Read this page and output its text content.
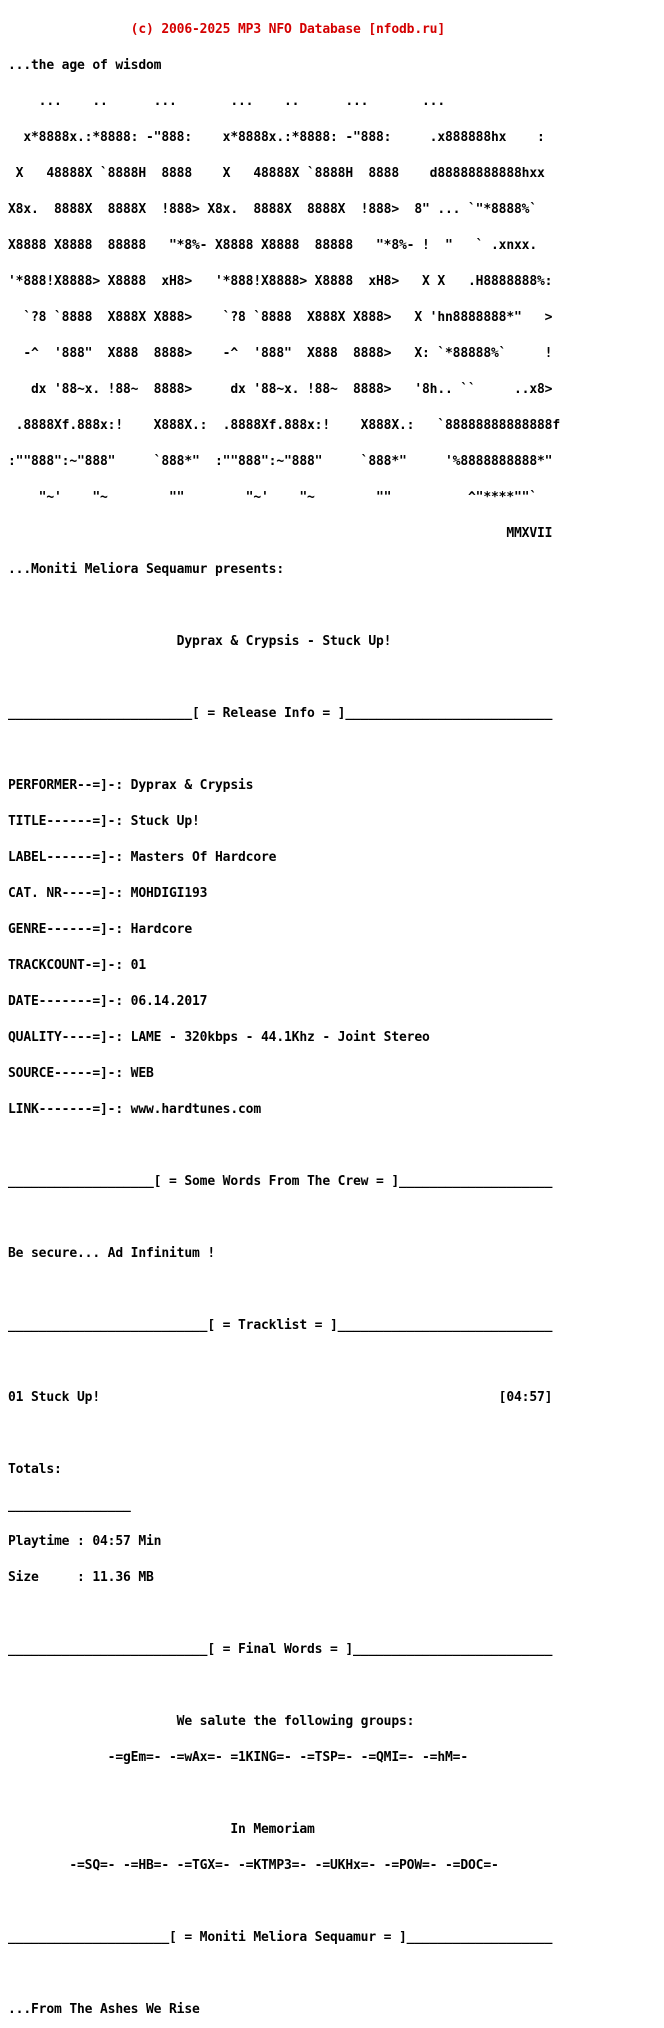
(c) 2006-2025 MP3 NFO Database [nfodb.ru]

...the age of wisdom

...    ..      ...       ...    ..      ...       ...

x*8888x.:*8888: -"888:    x*8888x.:*8888: -"888:     .x888888hx    :

X   48888X `8888H  8888    X   48888X `8888H  8888    d88888888888hxx

X8x.  8888X  8888X  !888> X8x.  8888X  8888X  !888>  8" ... `"*8888%`

X8888 X8888  88888   "*8%- X8888 X8888  88888   "*8%- !  "   ` .xnxx.

'*888!X8888> X8888  xH8>   '*888!X8888> X8888  xH8>   X X   .H8888888%:

`?8 `8888  X888X X888>    `?8 `8888  X888X X888>   X 'hn8888888*"   >

-^  '888"  X888  8888>    -^  '888"  X888  8888>   X: `*88888%`     !

dx '88~x. !88~  8888>     dx '88~x. !88~  8888>   '8h.. ``     ..x8>

.8888Xf.888x:!    X888X.:  .8888Xf.888x:!    X888X.:   `88888888888888f

:""888":~"888"     `888*"  :""888":~"888"     `888*"     '%8888888888*"

"~'    "~        ""        "~'    "~        ""          ^"****""`

MMXVII

...Moniti Meliora Sequamur presents:

Dyprax & Crypsis - Stuck Up!

________________________[ = Release Info = ]___________________________

PERFORMER--=]-: Dyprax & Crypsis

TITLE------=]-: Stuck Up!

LABEL------=]-: Masters Of Hardcore

CAT. NR----=]-: MOHDIGI193

GENRE------=]-: Hardcore

TRACKCOUNT-=]-: 01

DATE-------=]-: 06.14.2017

QUALITY----=]-: LAME - 320kbps - 44.1Khz - Joint Stereo

SOURCE-----=]-: WEB

LINK-------=]-: www.hardtunes.com

___________________[ = Some Words From The Crew = ]____________________

Be secure... Ad Infinitum !

__________________________[ = Tracklist = ]____________________________

01 Stuck Up!                                                    [04:57]

Totals:

________________

Playtime : 04:57 Min

Size     : 11.36 MB

__________________________[ = Final Words = ]__________________________

We salute the following groups:

-=gEm=- -=wAx=- =1KING=- -=TSP=- -=QMI=- -=hM=-

In Memoriam

-=SQ=- -=HB=- -=TGX=- -=KTMP3=- -=UKHx=- -=POW=- -=DOC=-

_____________________[ = Moniti Meliora Sequamur = ]___________________

...From The Ashes We Rise
